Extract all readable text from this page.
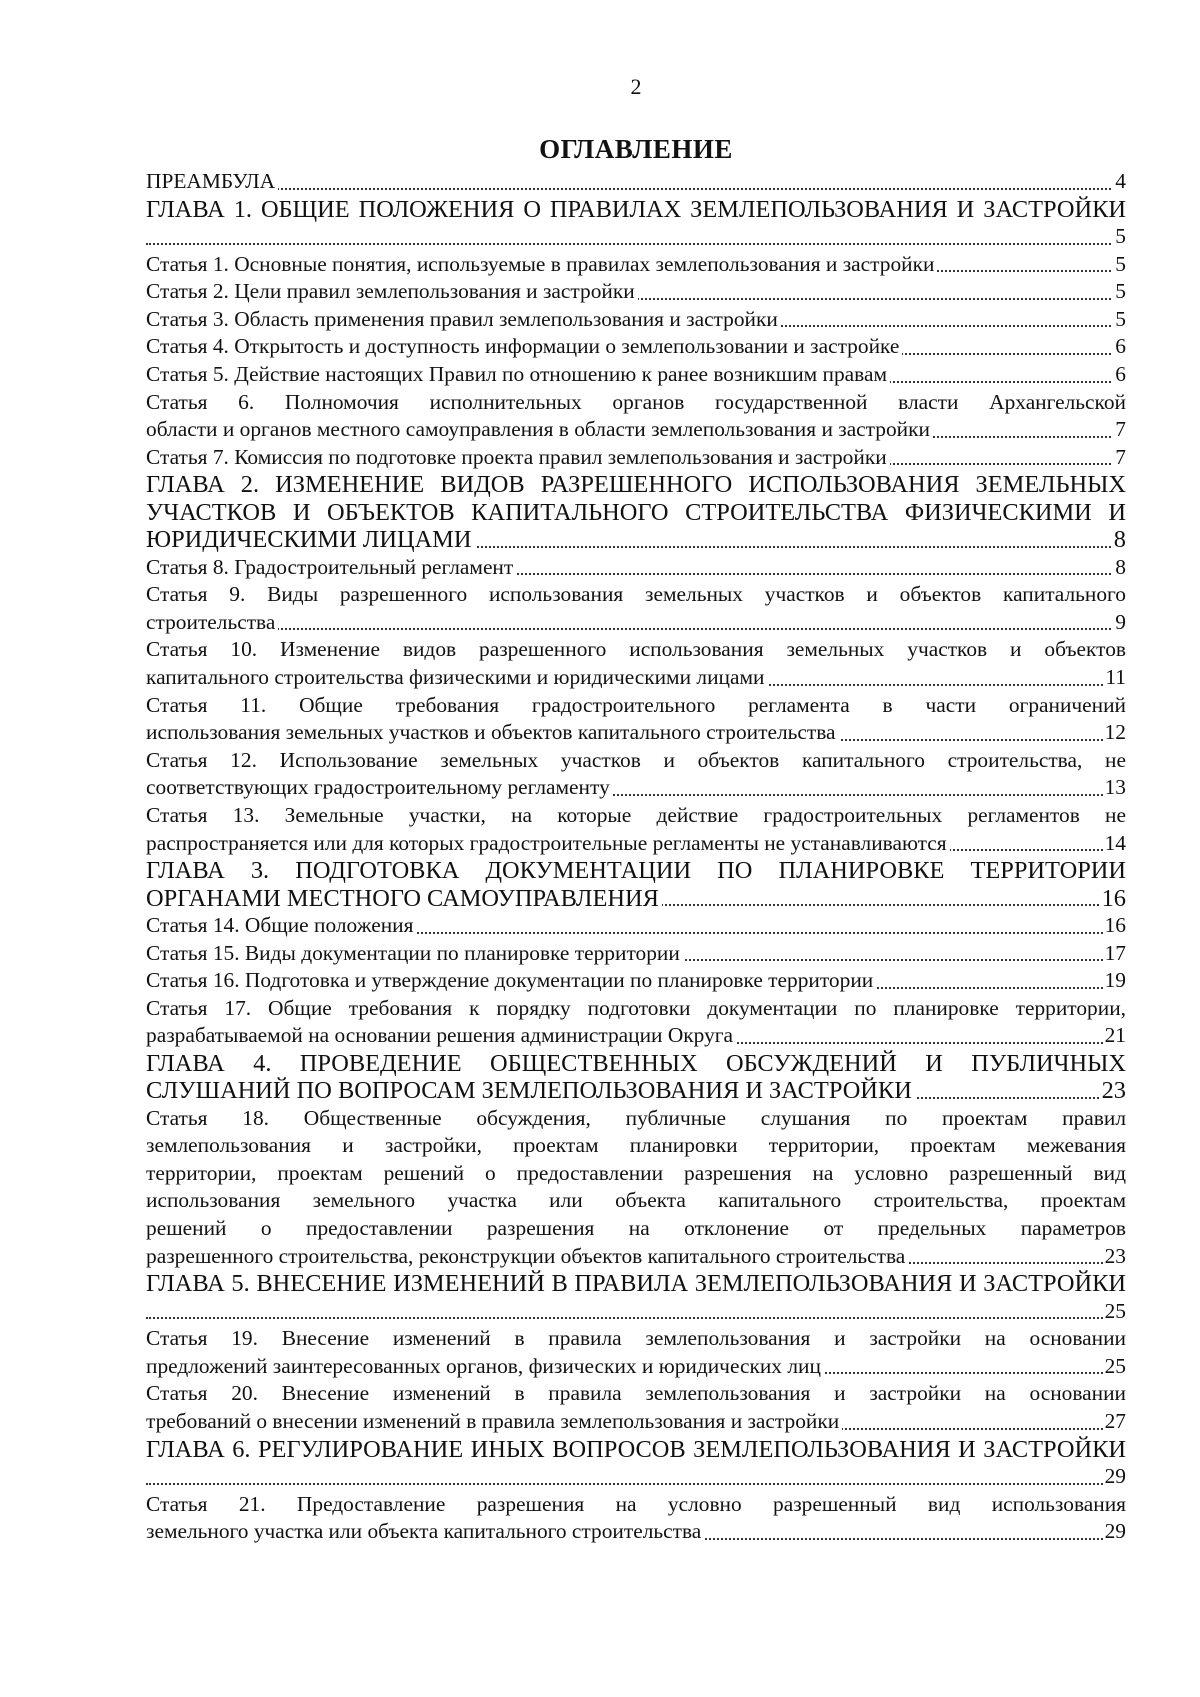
2
ОГЛАВЛЕНИЕ
4
ПРЕАМБУЛА
ГЛАВА 1. ОБЩИЕ ПОЛОЖЕНИЯ О ПРАВИЛАХ ЗЕМЛЕПОЛЬЗОВАНИЯ И ЗАСТРОЙКИ
5

5
Статья 1. Основные понятия, используемые в правилах землепользования и застройки
5
Статья 2. Цели правил землепользования и застройки
5
Статья 3. Область применения правил землепользования и застройки
6
Статья 4. Открытость и доступность информации о землепользовании и застройке
6
Статья 5. Действие настоящих Правил по отношению к ранее возникшим правам
Статья 6. Полномочия исполнительных органов государственной власти Архангельской
7
области и органов местного самоуправления в области землепользования и застройки
7
Статья 7. Комиссия по подготовке проекта правил землепользования и застройки
ГЛАВА 2. ИЗМЕНЕНИЕ ВИДОВ РАЗРЕШЕННОГО ИСПОЛЬЗОВАНИЯ ЗЕМЕЛЬНЫХ
УЧАСТКОВ И ОБЪЕКТОВ КАПИТАЛЬНОГО СТРОИТЕЛЬСТВА ФИЗИЧЕСКИМИ И
8
ЮРИДИЧЕСКИМИ ЛИЦАМИ
8
Статья 8. Градостроительный регламент
Статья 9. Виды разрешенного использования земельных участков и объектов капитального
9
строительства
Статья 10. Изменение видов разрешенного использования земельных участков и объектов
11
капитального строительства физическими и юридическими лицами
Статья 11. Общие требования градостроительного регламента в части ограничений
12
использования земельных участков и объектов капитального строительства
Статья 12. Использование земельных участков и объектов капитального строительства, не
13
соответствующих градостроительному регламенту
Статья 13. Земельные участки, на которые действие градостроительных регламентов не
14
распространяется или для которых градостроительные регламенты не устанавливаются
ГЛАВА 3. ПОДГОТОВКА ДОКУМЕНТАЦИИ ПО ПЛАНИРОВКЕ ТЕРРИТОРИИ
16
ОРГАНАМИ МЕСТНОГО САМОУПРАВЛЕНИЯ
16
Статья 14. Общие положения
17
Статья 15. Виды документации по планировке территории
19
Статья 16. Подготовка и утверждение документации по планировке территории
Статья 17. Общие требования к порядку подготовки документации по планировке территории,
21
разрабатываемой на основании решения администрации Округа
ГЛАВА 4. ПРОВЕДЕНИЕ ОБЩЕСТВЕННЫХ ОБСУЖДЕНИЙ И ПУБЛИЧНЫХ
23
СЛУШАНИЙ ПО ВОПРОСАМ ЗЕМЛЕПОЛЬЗОВАНИЯ И ЗАСТРОЙКИ
Статья 18. Общественные обсуждения, публичные слушания по проектам правил
землепользования и застройки, проектам планировки территории, проектам межевания
территории, проектам решений о предоставлении разрешения на условно разрешенный вид
использования земельного участка или объекта капитального строительства, проектам
решений о предоставлении разрешения на отклонение от предельных параметров
23
разрешенного строительства, реконструкции объектов капитального строительства
ГЛАВА 5. ВНЕСЕНИЕ ИЗМЕНЕНИЙ В ПРАВИЛА ЗЕМЛЕПОЛЬЗОВАНИЯ И ЗАСТРОЙКИ
25

Статья 19. Внесение изменений в правила землепользования и застройки на основании
25
предложений заинтересованных органов, физических и юридических лиц
Статья 20. Внесение изменений в правила землепользования и застройки на основании
27
требований о внесении изменений в правила землепользования и застройки
ГЛАВА 6. РЕГУЛИРОВАНИЕ ИНЫХ ВОПРОСОВ ЗЕМЛЕПОЛЬЗОВАНИЯ И ЗАСТРОЙКИ
29

Статья 21. Предоставление разрешения на условно разрешенный вид использования
29
земельного участка или объекта капитального строительства
